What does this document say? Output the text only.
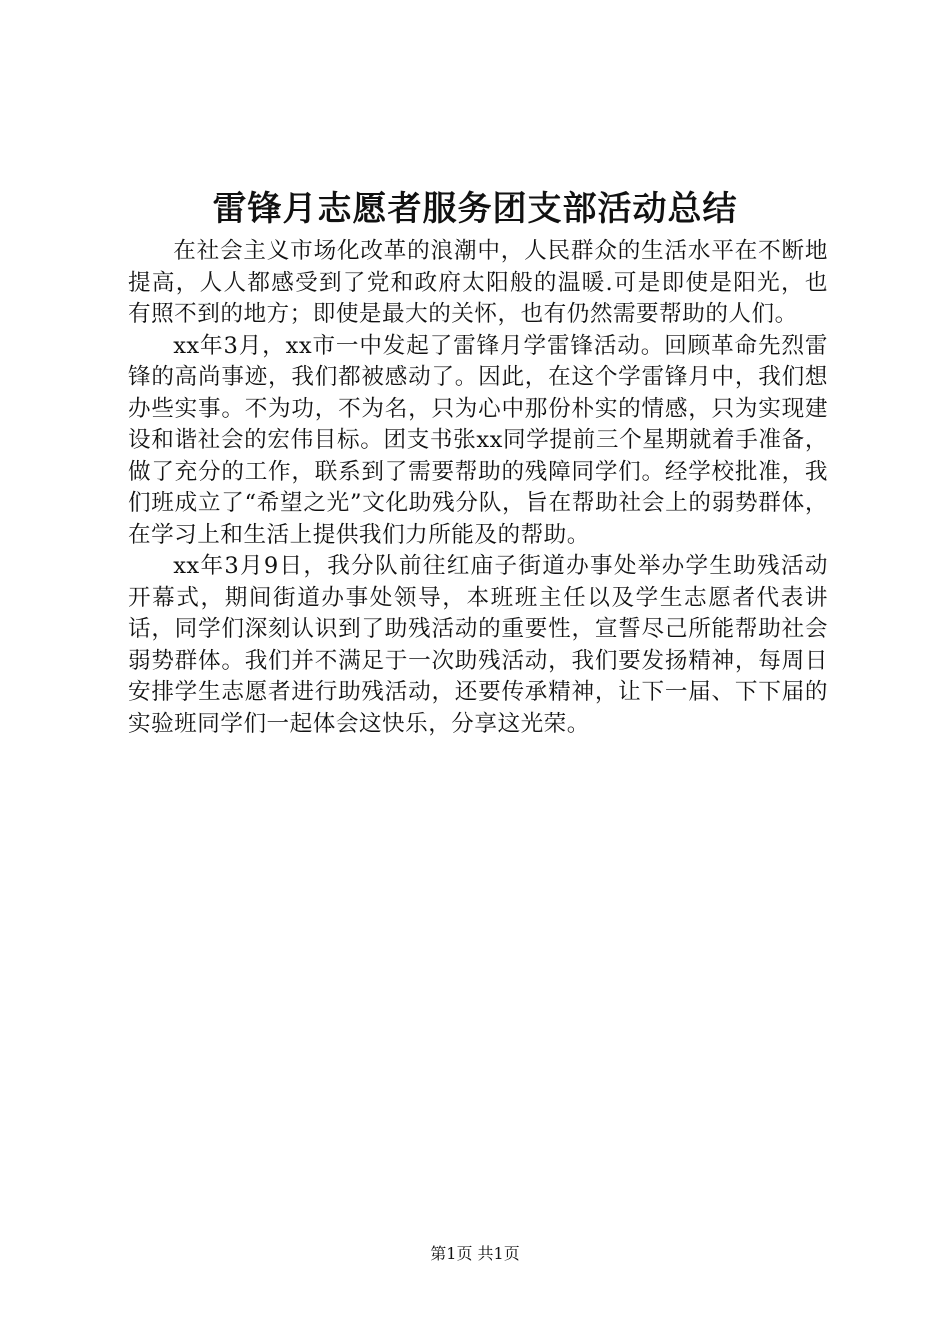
雷锋月志愿者服务团支部活动总结

在社会主义市场化改革的浪潮中，人民群众的生活水平在不断地提高，人人都感受到了党和政府太阳般的温暖.可是即使是阳光，也有照不到的地方；即使是最大的关怀，也有仍然需要帮助的人们。

xx年3月，xx市一中发起了雷锋月学雷锋活动。回顾革命先烈雷锋的高尚事迹，我们都被感动了。因此，在这个学雷锋月中，我们想办些实事。不为功，不为名，只为心中那份朴实的情感，只为实现建设和谐社会的宏伟目标。团支书张xx同学提前三个星期就着手准备，做了充分的工作，联系到了需要帮助的残障同学们。经学校批准，我们班成立了“希望之光”文化助残分队，旨在帮助社会上的弱势群体，在学习上和生活上提供我们力所能及的帮助。

xx年3月9日，我分队前往红庙子街道办事处举办学生助残活动开幕式，期间街道办事处领导，本班班主任以及学生志愿者代表讲话，同学们深刻认识到了助残活动的重要性，宣誓尽己所能帮助社会弱势群体。我们并不满足于一次助残活动，我们要发扬精神，每周日安排学生志愿者进行助残活动，还要传承精神，让下一届、下下届的实验班同学们一起体会这快乐，分享这光荣。

第1页 共1页
